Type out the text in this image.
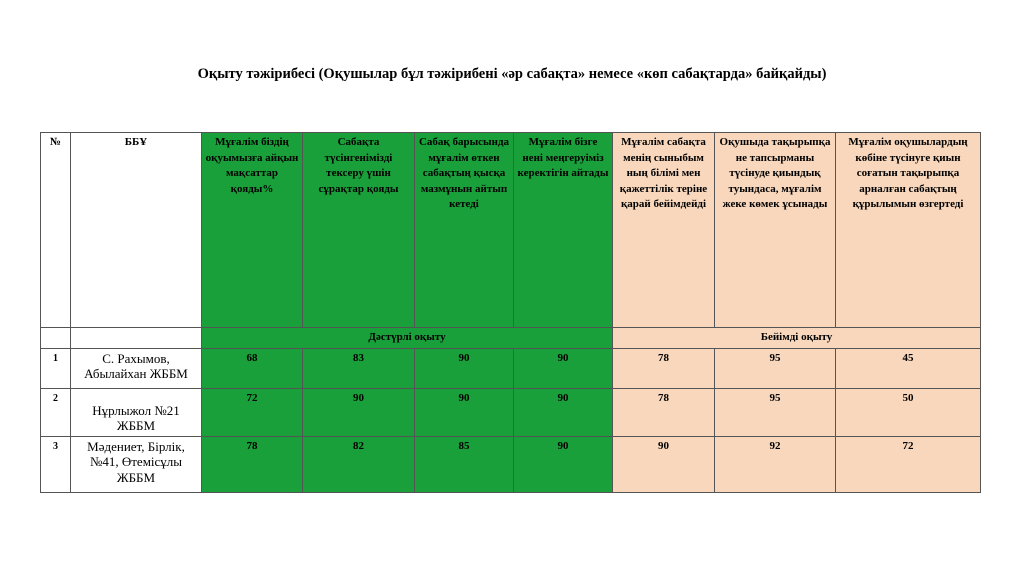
Оқыту тәжірибесі (Оқушылар бұл тәжірибені «әр сабақта» немесе «көп сабақтарда» байқайды)
№	ББҰ	Мұғалім біздің оқуымызға айқын мақсаттар қояды%	Сабақта түсінгенімізді тексеру үшін сұрақтар қояды	Сабақ барысында мұғалім өткен сабақтың қысқа мазмұнын айтып кетеді	Мұғалім бізге нені меңгеруіміз керектігін айтады	Мұғалім сабақта менің сыныбым ның білімі мен қажеттілік теріне қарай бейімдейді	Оқушыда тақырыпқа не тапсырманы түсінуде қиындық туындаса, мұғалім жеке көмек ұсынады	Мұғалім оқушылардың көбіне түсінуге қиын соғатын тақырыпқа арналған сабақтың құрылымын өзгертеді
		Дәстүрлі оқыту				Бейімді оқыту		
1	С. Рахымов, Абылайхан ЖББМ	68	83	90	90	78	95	45
2	Нұрлыжол №21 ЖББМ	72	90	90	90	78	95	50
3	Мәдениет, Бірлік, №41, Өтемісұлы ЖББМ	78	82	85	90	90	92	72
